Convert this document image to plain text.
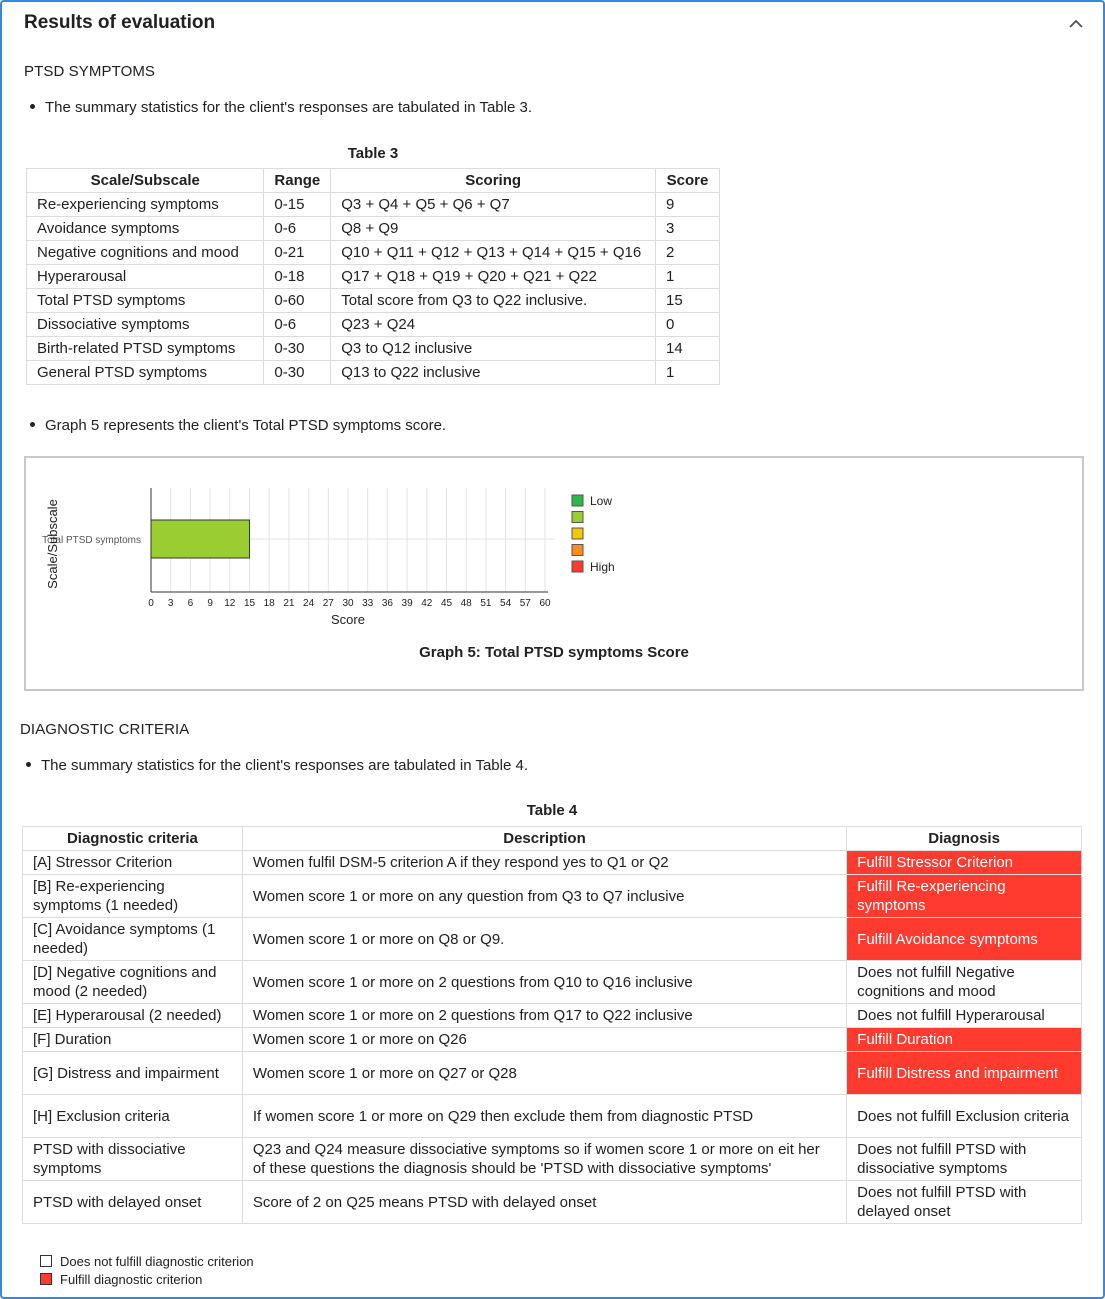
Results of evaluation
PTSD SYMPTOMS
The summary statistics for the client's responses are tabulated in Table 3.
Table 3
Scale/Subscale	Range	Scoring	Score
Re-experiencing symptoms	0-15	Q3 + Q4 + Q5 + Q6 + Q7	9
Avoidance symptoms	0-6	Q8 + Q9	3
Negative cognitions and mood	0-21	Q10 + Q11 + Q12 + Q13 + Q14 + Q15 + Q16	2
Hyperarousal	0-18	Q17 + Q18 + Q19 + Q20 + Q21 + Q22	1
Total PTSD symptoms	0-60	Total score from Q3 to Q22 inclusive.	15
Dissociative symptoms	0-6	Q23 + Q24	0
Birth-related PTSD symptoms	0-30	Q3 to Q12 inclusive	14
General PTSD symptoms	0-30	Q13 to Q22 inclusive	1
Graph 5 represents the client's Total PTSD symptoms score.
Total PTSD symptoms
0 3 6 9 12 15 18 21 24 27 30 33 36 39 42 45 48 51 54 57 60
Score
Scale/Subscale
Graph 5: Total PTSD symptoms Score
Low
High
DIAGNOSTIC CRITERIA
The summary statistics for the client's responses are tabulated in Table 4.
Table 4
Diagnostic criteria	Description	Diagnosis
[A] Stressor Criterion	Women fulfil DSM-5 criterion A if they respond yes to Q1 or Q2	Fulfill Stressor Criterion
[B] Re-experiencing symptoms (1 needed)	Women score 1 or more on any question from Q3 to Q7 inclusive	Fulfill Re-experiencing symptoms
[C] Avoidance symptoms (1 needed)	Women score 1 or more on Q8 or Q9.	Fulfill Avoidance symptoms
[D] Negative cognitions and mood (2 needed)	Women score 1 or more on 2 questions from Q10 to Q16 inclusive	Does not fulfill Negative cognitions and mood
[E] Hyperarousal (2 needed)	Women score 1 or more on 2 questions from Q17 to Q22 inclusive	Does not fulfill Hyperarousal
[F] Duration	Women score 1 or more on Q26	Fulfill Duration
[G] Distress and impairment	Women score 1 or more on Q27 or Q28	Fulfill Distress and impairment
[H] Exclusion criteria	If women score 1 or more on Q29 then exclude them from diagnostic PTSD	Does not fulfill Exclusion criteria
PTSD with dissociative symptoms	Q23 and Q24 measure dissociative symptoms so if women score 1 or more on eit her of these questions the diagnosis should be 'PTSD with dissociative symptoms'	Does not fulfill PTSD with dissociative symptoms
PTSD with delayed onset	Score of 2 on Q25 means PTSD with delayed onset	Does not fulfill PTSD with delayed onset
Does not fulfill diagnostic criterion
Fulfill diagnostic criterion
